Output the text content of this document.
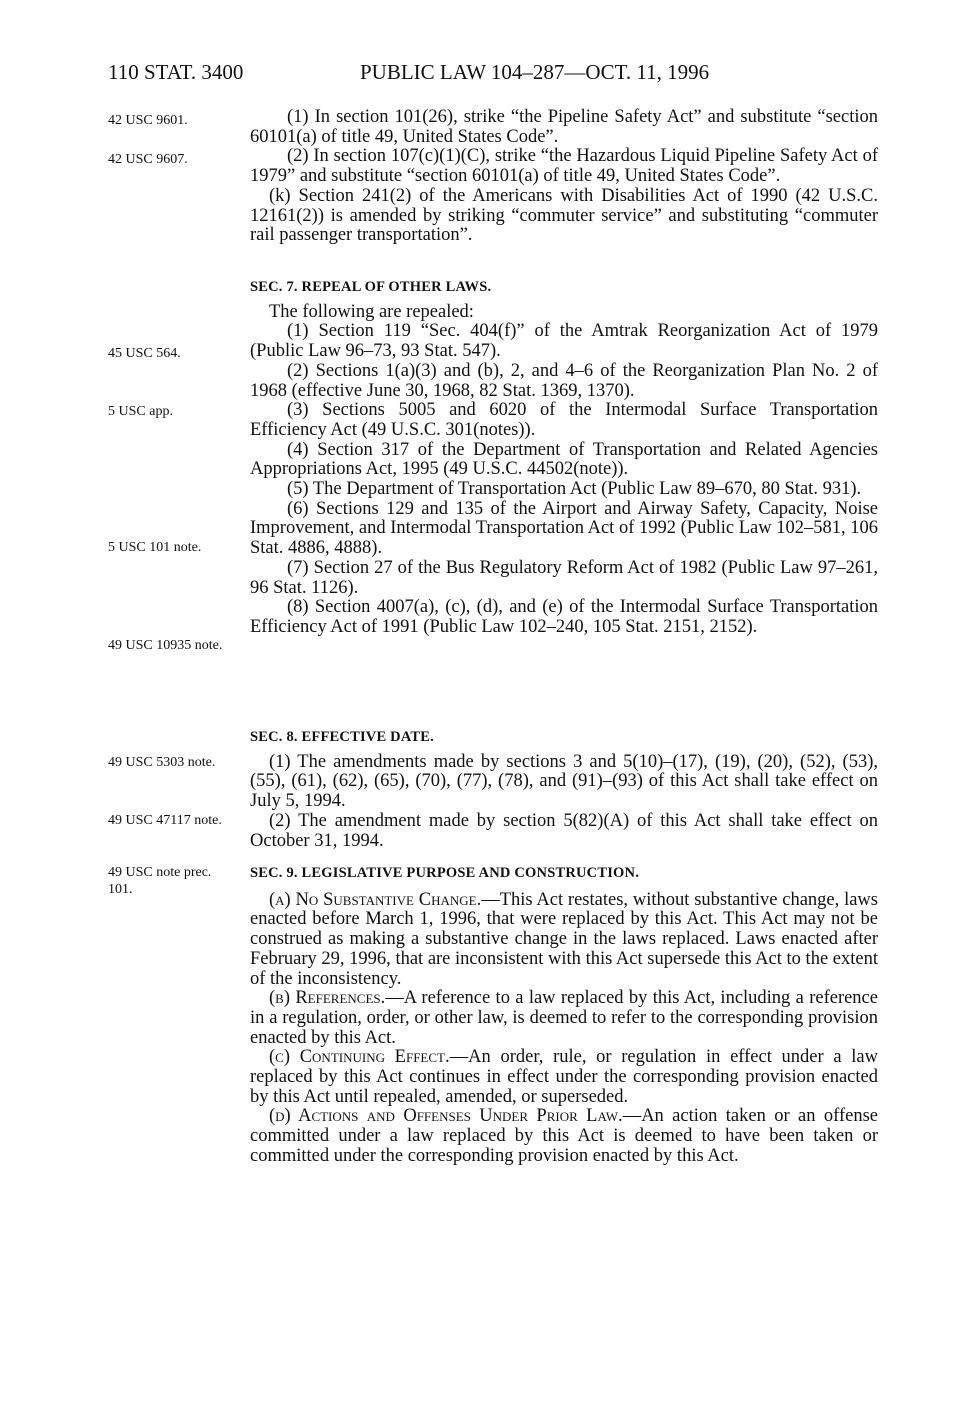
110 STAT. 3400	PUBLIC LAW 104–287—OCT. 11, 1996
42 USC 9601.
42 USC 9607.
45 USC 564.
5 USC app.
5 USC 101 note.
49 USC 10935 note.
49 USC 5303 note.
49 USC 47117 note.
49 USC note prec. 101.

(1) In section 101(26), strike “the Pipeline Safety Act” and substitute “section 60101(a) of title 49, United States Code”.

(2) In section 107(c)(1)(C), strike “the Hazardous Liquid Pipeline Safety Act of 1979” and substitute “section 60101(a) of title 49, United States Code”.

(k) Section 241(2) of the Americans with Disabilities Act of 1990 (42 U.S.C. 12161(2)) is amended by striking “commuter service” and substituting “commuter rail passenger transportation”.

SEC. 7. REPEAL OF OTHER LAWS.

The following are repealed:

(1) Section 119 “Sec. 404(f)” of the Amtrak Reorganization Act of 1979 (Public Law 96–73, 93 Stat. 547).

(2) Sections 1(a)(3) and (b), 2, and 4–6 of the Reorganization Plan No. 2 of 1968 (effective June 30, 1968, 82 Stat. 1369, 1370).

(3) Sections 5005 and 6020 of the Intermodal Surface Transportation Efficiency Act (49 U.S.C. 301(notes)).

(4) Section 317 of the Department of Transportation and Related Agencies Appropriations Act, 1995 (49 U.S.C. 44502(note)).

(5) The Department of Transportation Act (Public Law 89–670, 80 Stat. 931).

(6) Sections 129 and 135 of the Airport and Airway Safety, Capacity, Noise Improvement, and Intermodal Transportation Act of 1992 (Public Law 102–581, 106 Stat. 4886, 4888).

(7) Section 27 of the Bus Regulatory Reform Act of 1982 (Public Law 97–261, 96 Stat. 1126).

(8) Section 4007(a), (c), (d), and (e) of the Intermodal Surface Transportation Efficiency Act of 1991 (Public Law 102–240, 105 Stat. 2151, 2152).

SEC. 8. EFFECTIVE DATE.

(1) The amendments made by sections 3 and 5(10)–(17), (19), (20), (52), (53), (55), (61), (62), (65), (70), (77), (78), and (91)–(93) of this Act shall take effect on July 5, 1994.

(2) The amendment made by section 5(82)(A) of this Act shall take effect on October 31, 1994.

SEC. 9. LEGISLATIVE PURPOSE AND CONSTRUCTION.

(a) No Substantive Change.—This Act restates, without substantive change, laws enacted before March 1, 1996, that were replaced by this Act. This Act may not be construed as making a substantive change in the laws replaced. Laws enacted after February 29, 1996, that are inconsistent with this Act supersede this Act to the extent of the inconsistency.

(b) References.—A reference to a law replaced by this Act, including a reference in a regulation, order, or other law, is deemed to refer to the corresponding provision enacted by this Act.

(c) Continuing Effect.—An order, rule, or regulation in effect under a law replaced by this Act continues in effect under the corresponding provision enacted by this Act until repealed, amended, or superseded.

(d) Actions and Offenses Under Prior Law.—An action taken or an offense committed under a law replaced by this Act is deemed to have been taken or committed under the corresponding provision enacted by this Act.
